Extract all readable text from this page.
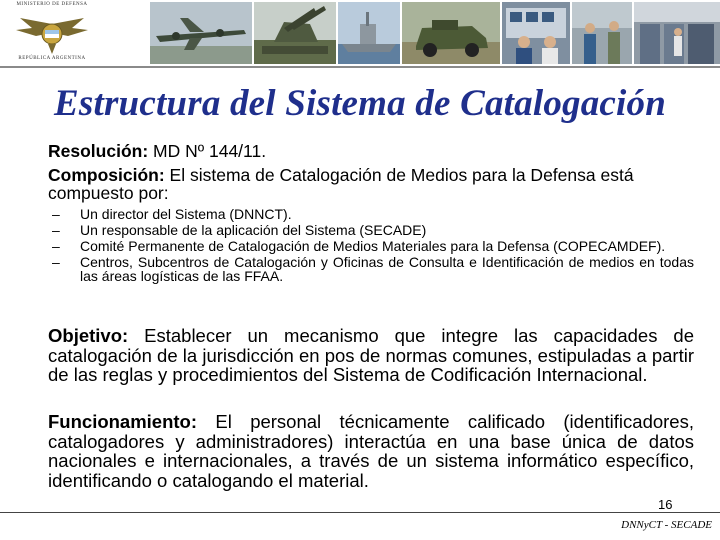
MINISTERIO DE DEFENSA
REPÚBLICA ARGENTINA
Estructura del Sistema de Catalogación
Resolución: MD Nº 144/11.
Composición: El sistema de Catalogación de Medios para la Defensa está compuesto por:
– Un director del Sistema (DNNCT).
– Un responsable de la aplicación del Sistema (SECADE)
– Comité Permanente de Catalogación de Medios Materiales para la Defensa (COPECAMDEF).
– Centros, Subcentros de Catalogación y Oficinas de Consulta e Identificación de medios en todas las áreas logísticas de las FFAA.
Objetivo: Establecer un mecanismo que integre las capacidades de catalogación de la jurisdicción en pos de normas comunes, estipuladas a partir de las reglas y procedimientos del Sistema de Codificación Internacional.
Funcionamiento: El personal técnicamente calificado (identificadores, catalogadores y administradores) interactúa en una base única de datos nacionales e internacionales, a través de un sistema informático específico, identificando o catalogando el material.
16
DNNyCT - SECADE
